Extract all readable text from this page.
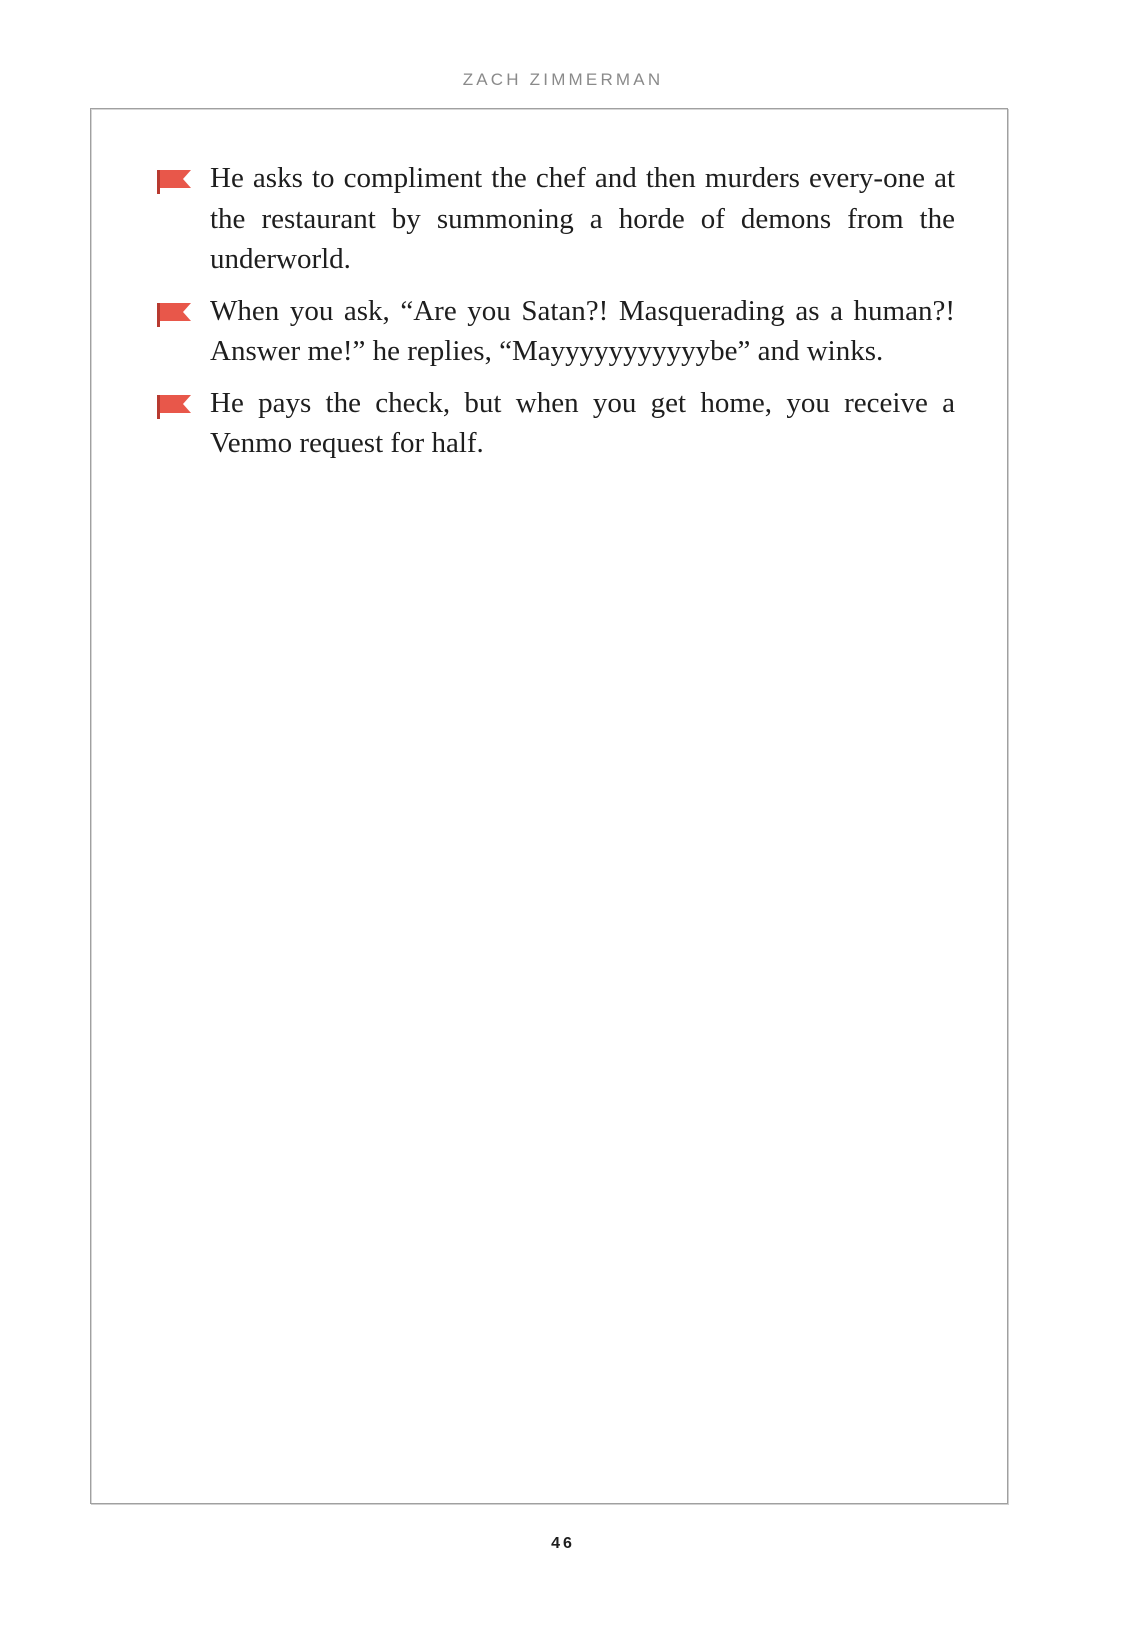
ZACH ZIMMERMAN

He asks to compliment the chef and then murders every-one at the restaurant by summoning a horde of demons from the underworld.

When you ask, “Are you Satan?! Masquerading as a human?! Answer me!” he replies, “Mayyyyyyyyyyybe” and winks.

He pays the check, but when you get home, you receive a Venmo request for half.

46
